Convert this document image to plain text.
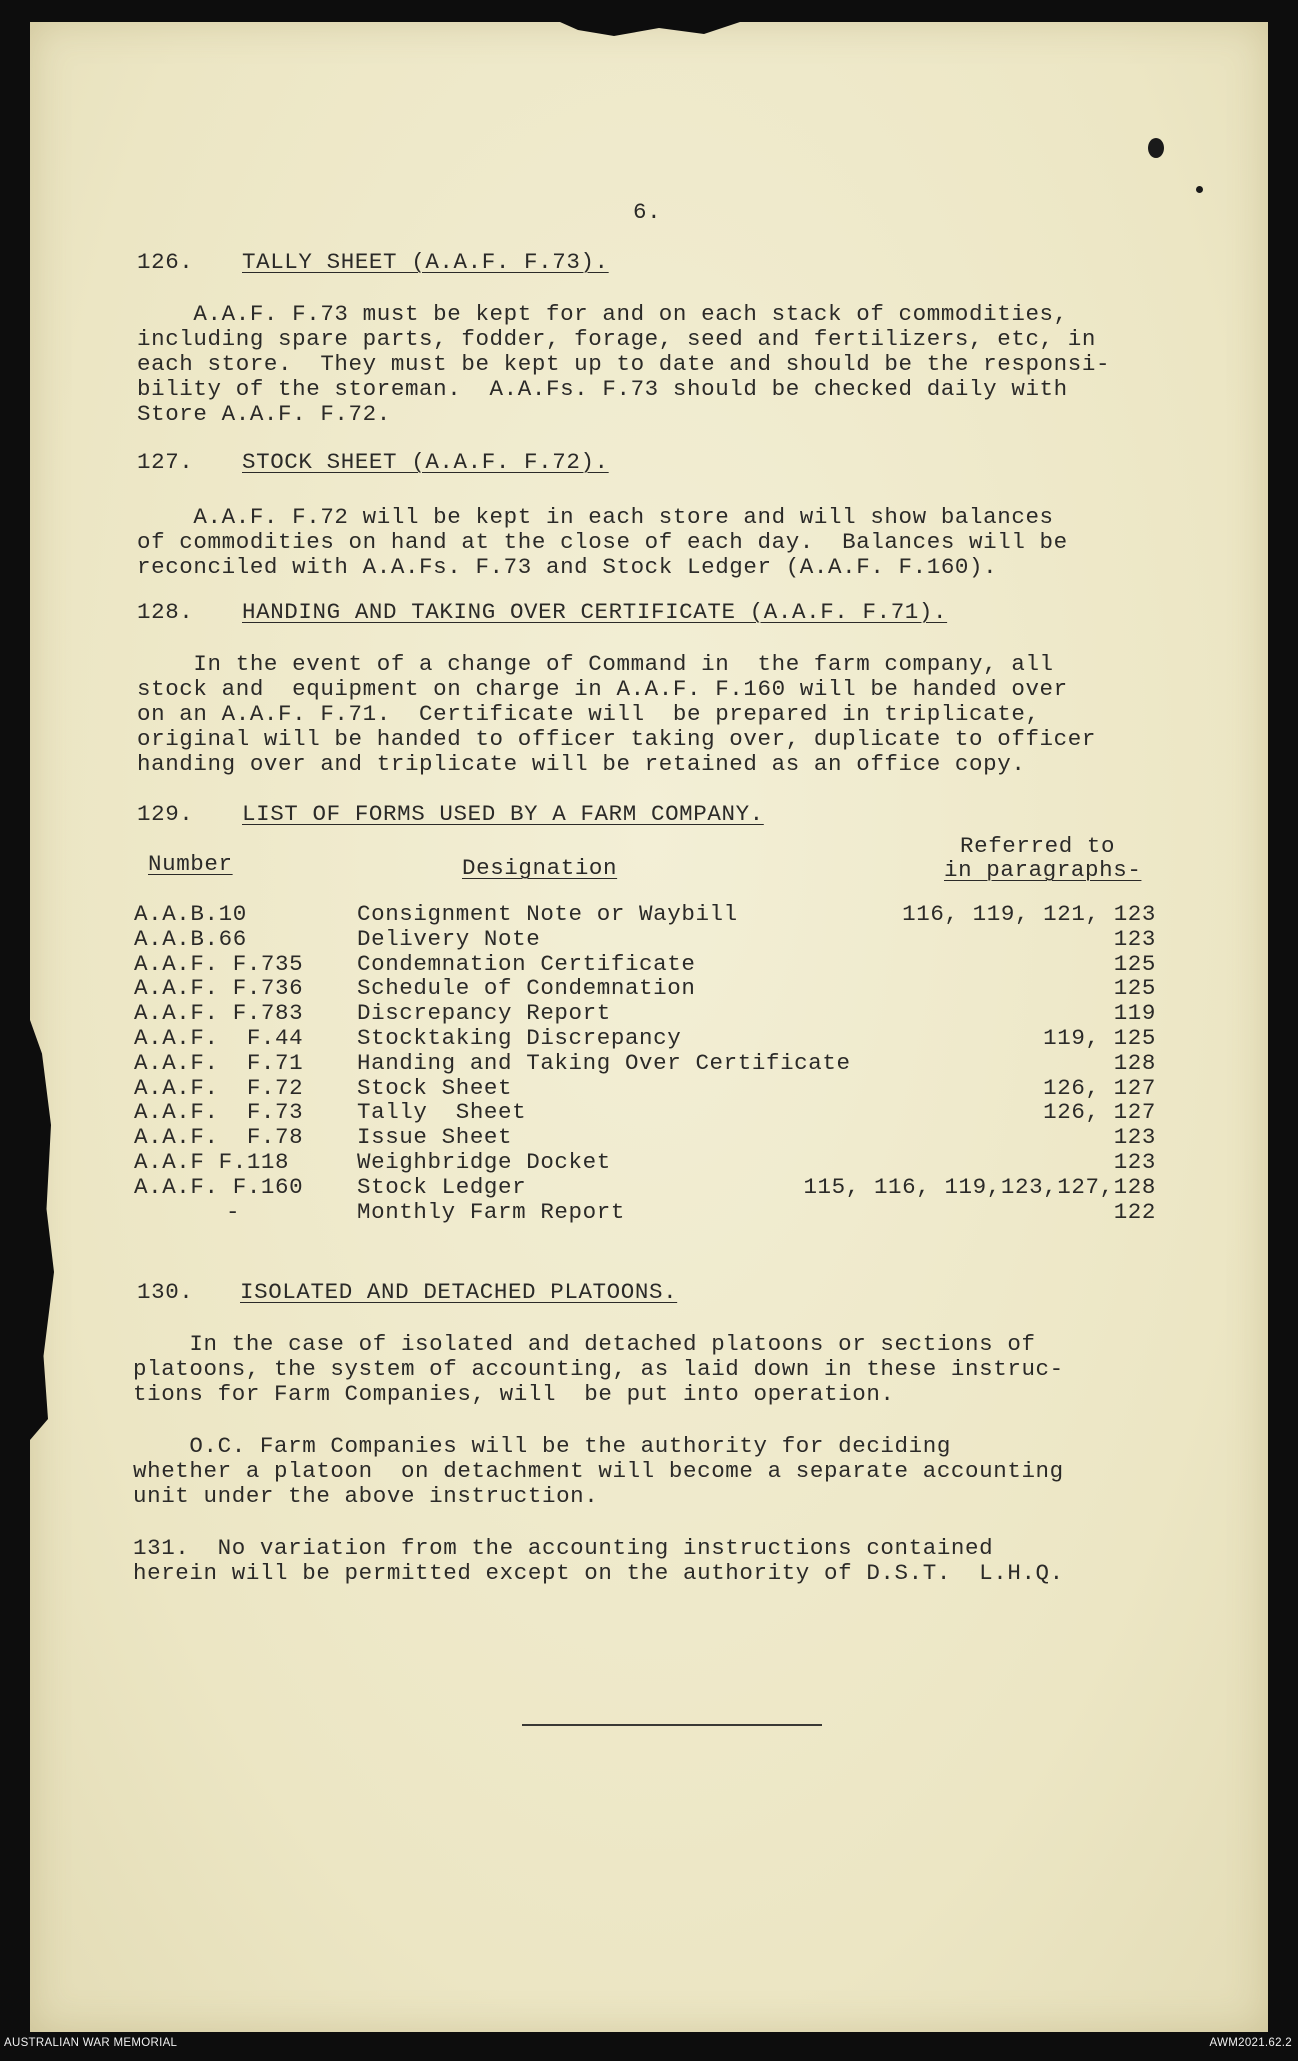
6.
126. TALLY SHEET (A.A.F. F.73).
A.A.F. F.73 must be kept for and on each stack of commodities,
including spare parts, fodder, forage, seed and fertilizers, etc, in
each store.  They must be kept up to date and should be the responsi-
bility of the storeman.  A.A.Fs. F.73 should be checked daily with
Store A.A.F. F.72.
127. STOCK SHEET (A.A.F. F.72).
A.A.F. F.72 will be kept in each store and will show balances
of commodities on hand at the close of each day.  Balances will be
reconciled with A.A.Fs. F.73 and Stock Ledger (A.A.F. F.160).
128. HANDING AND TAKING OVER CERTIFICATE (A.A.F. F.71).
In the event of a change of Command in  the farm company, all
stock and  equipment on charge in A.A.F. F.160 will be handed over
on an A.A.F. F.71.  Certificate will  be prepared in triplicate,
original will be handed to officer taking over, duplicate to officer
handing over and triplicate will be retained as an office copy.
129. LIST OF FORMS USED BY A FARM COMPANY.
Number	Designation
Referred to
in paragraphs-
A.A.B.10	Consignment Note or Waybill	116, 119, 121, 123
A.A.B.66	Delivery Note	123
A.A.F. F.735 Condemnation Certificate	125
A.A.F. F.736 Schedule of Condemnation	125
A.A.F. F.783 Discrepancy Report	119
A.A.F.  F.44 Stocktaking Discrepancy	119, 125
A.A.F.  F.71 Handing and Taking Over Certificate	128
A.A.F.  F.72 Stock Sheet	126, 127
A.A.F.  F.73 Tally  Sheet	126, 127
A.A.F.  F.78 Issue Sheet	123
A.A.F F.118	Weighbridge Docket	123
A.A.F. F.160 Stock Ledger	115, 116, 119,123,127,128
-	Monthly Farm Report	122
130. ISOLATED AND DETACHED PLATOONS.
In the case of isolated and detached platoons or sections of
platoons, the system of accounting, as laid down in these instruc-
tions for Farm Companies, will  be put into operation.
O.C. Farm Companies will be the authority for deciding
whether a platoon  on detachment will become a separate accounting
unit under the above instruction.
131.  No variation from the accounting instructions contained
herein will be permitted except on the authority of D.S.T.  L.H.Q.
AUSTRALIAN WAR MEMORIAL	AWM2021.62.2
